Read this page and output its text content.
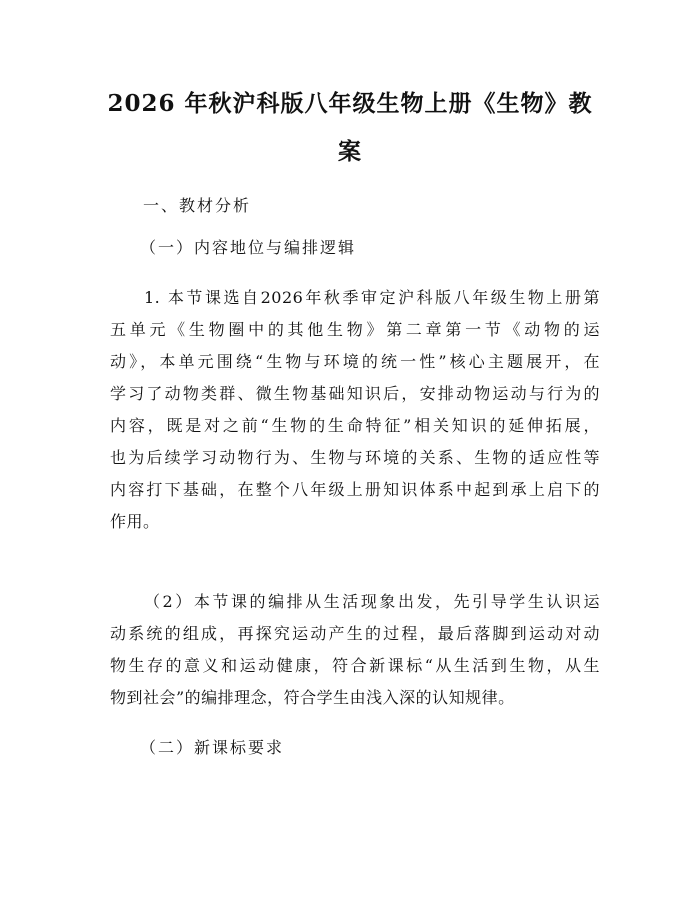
2026 年秋沪科版八年级生物上册《生物》教
案
一、教材分析
（一）内容地位与编排逻辑
1. 本节课选自2026年秋季审定沪科版八年级生物上册第
五单元《生物圈中的其他生物》第二章第一节《动物的运
动》，本单元围绕“生物与环境的统一性”核心主题展开，在
学习了动物类群、微生物基础知识后，安排动物运动与行为的
内容，既是对之前“生物的生命特征”相关知识的延伸拓展，
也为后续学习动物行为、生物与环境的关系、生物的适应性等
内容打下基础，在整个八年级上册知识体系中起到承上启下的
作用。
（2）本节课的编排从生活现象出发，先引导学生认识运
动系统的组成，再探究运动产生的过程，最后落脚到运动对动
物生存的意义和运动健康，符合新课标“从生活到生物，从生
物到社会”的编排理念，符合学生由浅入深的认知规律。
（二）新课标要求
